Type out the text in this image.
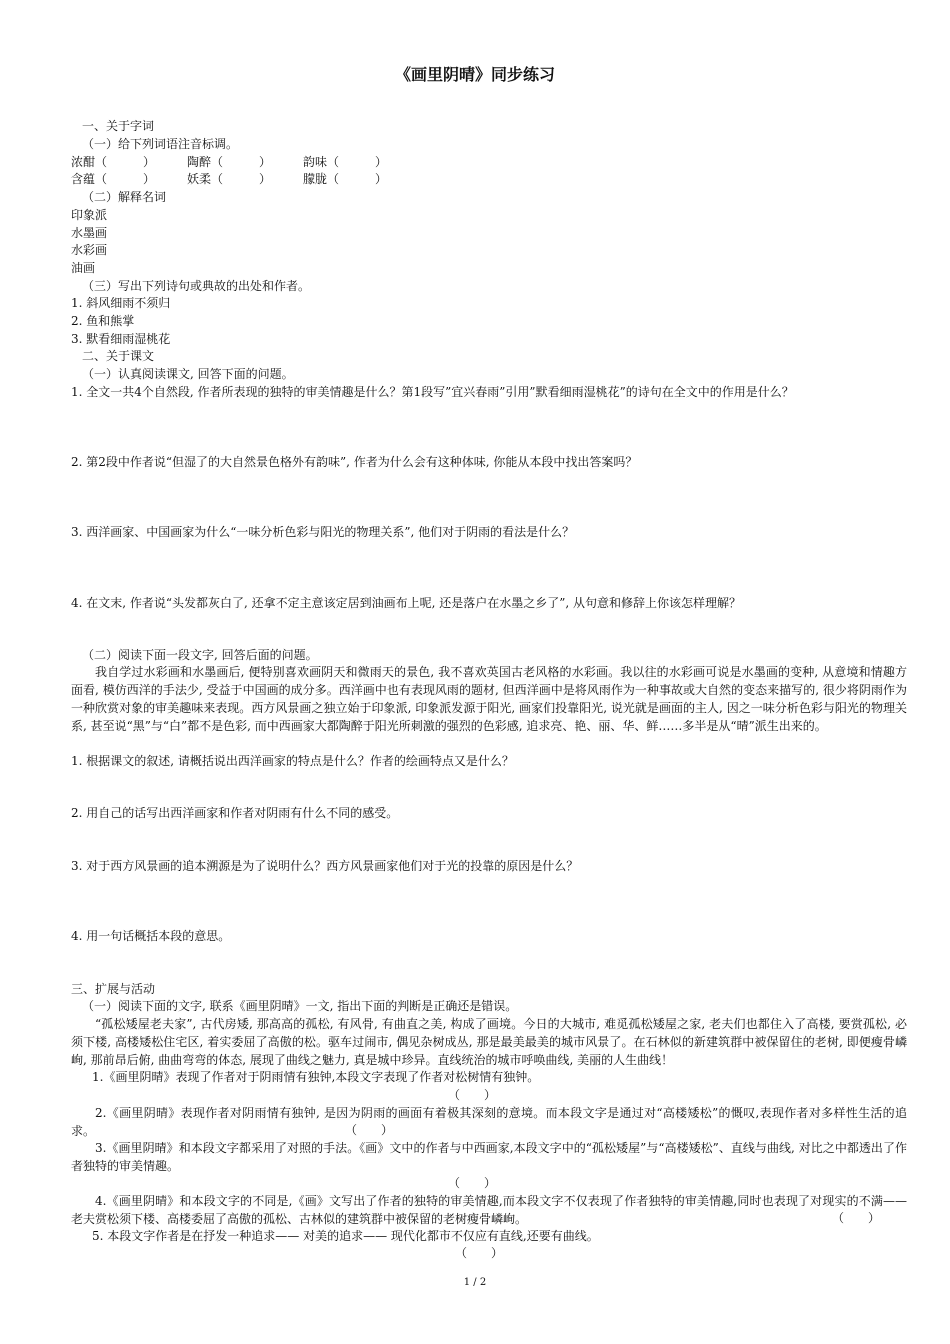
《画里阴晴》同步练习
一、关于字词
（一）给下列词语注音标调。
浓酣（　　　）	陶醉（　　　）	韵味（　　　）
含蕴（　　　）	妖柔（　　　）	朦胧（　　　）
（二）解释名词
印象派
水墨画
水彩画
油画
（三）写出下列诗句或典故的出处和作者。
1. 斜风细雨不须归
2. 鱼和熊掌
3. 默看细雨湿桃花
二、关于课文
（一）认真阅读课文, 回答下面的问题。
1. 全文一共4个自然段, 作者所表现的独特的审美情趣是什么？第1段写”宜兴春雨”引用”默看细雨湿桃花”的诗句在全文中的作用是什么？
2. 第2段中作者说“但湿了的大自然景色格外有韵味”, 作者为什么会有这种体味, 你能从本段中找出答案吗？
3. 西洋画家、中国画家为什么“一味分析色彩与阳光的物理关系”, 他们对于阴雨的看法是什么？
4. 在文末, 作者说“头发都灰白了, 还拿不定主意该定居到油画布上呢, 还是落户在水墨之乡了”, 从句意和修辞上你该怎样理解？
（二）阅读下面一段文字, 回答后面的问题。

我自学过水彩画和水墨画后, 便特别喜欢画阴天和微雨天的景色, 我不喜欢英国古老风格的水彩画。我以往的水彩画可说是水墨画的变种, 从意境和情趣方面看, 模仿西洋的手法少, 受益于中国画的成分多。西洋画中也有表现风雨的题材, 但西洋画中是将风雨作为一种事故或大自然的变态来描写的, 很少将阴雨作为一种欣赏对象的审美趣味来表现。西方风景画之独立始于印象派, 印象派发源于阳光, 画家们投靠阳光, 说光就是画面的主人, 因之一味分析色彩与阳光的物理关系, 甚至说“黑”与“白”都不是色彩, 而中西画家大都陶醉于阳光所刺激的强烈的色彩感, 追求亮、艳、丽、华、鲜……多半是从“晴”派生出来的。

1. 根据课文的叙述, 请概括说出西洋画家的特点是什么？作者的绘画特点又是什么？
2. 用自己的话写出西洋画家和作者对阴雨有什么不同的感受。
3. 对于西方风景画的追本溯源是为了说明什么？西方风景画家他们对于光的投靠的原因是什么？
4. 用一句话概括本段的意思。
三、扩展与活动
（一）阅读下面的文字, 联系《画里阴晴》一文, 指出下面的判断是正确还是错误。

“孤松矮屋老夫家”, 古代房矮, 那高高的孤松, 有风骨, 有曲直之美, 构成了画境。今日的大城市, 难觅孤松矮屋之家, 老夫们也都住入了高楼, 要赏孤松, 必须下楼, 高楼矮松住宅区, 着实委屈了高傲的松。驱车过闹市, 偶见杂树成丛, 那是最美最美的城市风景了。在石林似的新建筑群中被保留住的老树, 即便瘦骨嶙峋, 那前昂后俯, 曲曲弯弯的体态, 展现了曲线之魅力, 真是城中珍异。直线统治的城市呼唤曲线, 美丽的人生曲线！

1.《画里阴晴》表现了作者对于阴雨情有独钟,本段文字表现了作者对松树情有独钟。
（　　）

2.《画里阴晴》表现作者对阴雨情有独钟, 是因为阴雨的画面有着极其深刻的意境。而本段文字是通过对“高楼矮松”的慨叹,表现作者对多样性生活的追求。	（　　）

3.《画里阴晴》和本段文字都采用了对照的手法。《画》文中的作者与中西画家,本段文字中的“孤松矮屋”与“高楼矮松”、直线与曲线, 对比之中都透出了作者独特的审美情趣。

（　　）

4.《画里阴晴》和本段文字的不同是,《画》文写出了作者的独特的审美情趣,而本段文字不仅表现了作者独特的审美情趣,同时也表现了对现实的不满—— 老夫赏松须下楼、高楼委屈了高傲的孤松、古林似的建筑群中被保留的老树瘦骨嶙峋。	（　　）
5. 本段文字作者是在抒发一种追求—— 对美的追求—— 现代化都市不仅应有直线,还要有曲线。
（　　）
1 / 2
